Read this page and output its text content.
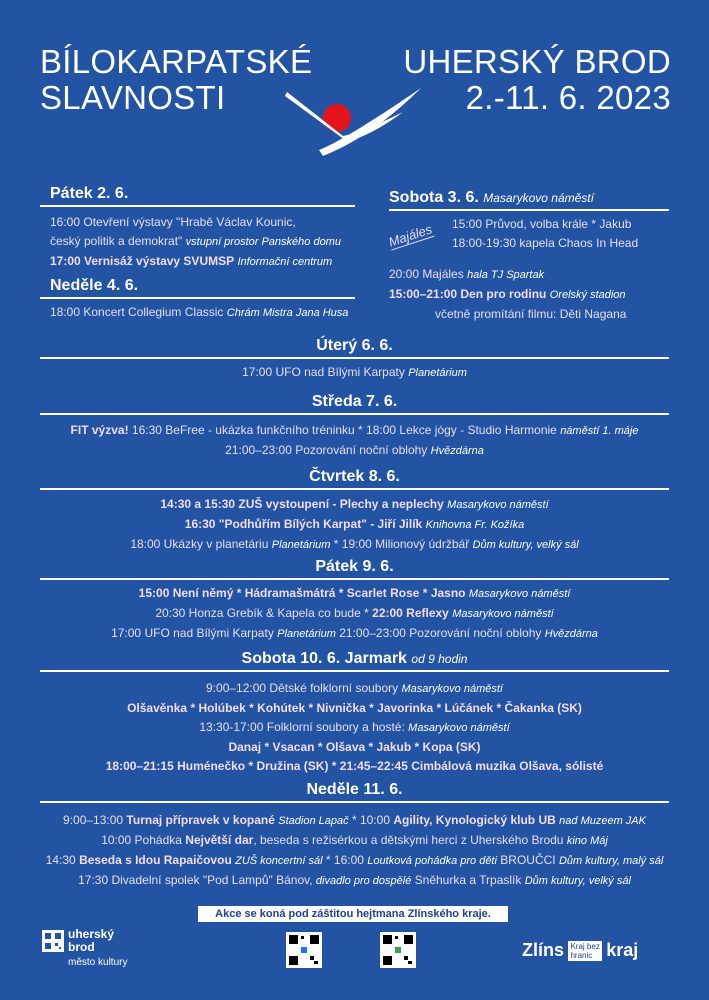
BÍLOKARPATSKÉ
SLAVNOSTI
UHERSKÝ BROD
2.-11. 6. 2023
Pátek 2. 6.
16:00 Otevření výstavy "Hrabě Václav Kounic,
český politik a demokrat" vstupní prostor Panského domu
17:00 Vernisáž výstavy SVUMSP Informační centrum
Neděle 4. 6.
18:00 Koncert Collegium Classic Chrám Mistra Jana Husa
Sobota 3. 6. Masarykovo náměstí
Majáles 15:00 Průvod, volba krále * Jakub
18:00-19:30 kapela Chaos In Head
20:00 Majáles hala TJ Spartak
15:00–21:00 Den pro rodinu Orelský stadion
včetně promítání filmu: Děti Nagana
Úterý 6. 6.
17:00 UFO nad Bílými Karpaty Planetárium
Středa 7. 6.
FIT výzva! 16:30 BeFree - ukázka funkčního tréninku * 18:00 Lekce jógy - Studio Harmonie náměstí 1. máje
21:00–23:00 Pozorování noční oblohy Hvězdárna
Čtvrtek 8. 6.
14:30 a 15:30 ZUŠ vystoupení - Plechy a neplechy Masarykovo náměstí
16:30 "Podhůřím Bílých Karpat" - Jiří Jilík Knihovna Fr. Kožíka
18:00 Ukázky v planetáriu Planetárium * 19:00 Milionový údržbář Dům kultury, velký sál
Pátek 9. 6.
15:00 Není němý * Hádramašmátrá * Scarlet Rose * Jasno Masarykovo náměstí
20:30 Honza Grebík & Kapela co bude * 22:00 Reflexy Masarykovo náměstí
17:00 UFO nad Bílými Karpaty Planetárium 21:00–23:00 Pozorování noční oblohy Hvězdárna
Sobota 10. 6. Jarmark od 9 hodin
9:00–12:00 Dětské folklorní soubory Masarykovo náměstí
Olšavěnka * Holúbek * Kohútek * Nivnička * Javorinka * Lúčánek * Čakanka (SK)
13:30-17:00 Folklorní soubory a hosté: Masarykovo náměstí
Danaj * Vsacan * Olšava * Jakub * Kopa (SK)
18:00–21:15 Huménečko * Družina (SK) * 21:45–22:45 Cimbálová muzika Olšava, sólisté
Neděle 11. 6.
9:00–13:00 Turnaj přípravek v kopané Stadion Lapač * 10:00 Agility, Kynologický klub UB nad Muzeem JAK
10:00 Pohádka Největší dar, beseda s režisérkou a dětskými herci z Uherského Brodu kino Máj
14:30 Beseda s Idou Rapaičovou ZUŠ koncertní sál * 16:00 Loutková pohádka pro děti BROUČCI Dům kultury, malý sál
17:30 Divadelní spolek "Pod Lampů" Bánov, divadlo pro dospělé Sněhurka a Trpaslík Dům kultury, velký sál
Akce se koná pod záštitou hejtmana Zlínského kraje.
uherský
brod
město kultury
Zlíns Kraj bez
hranic kraj
